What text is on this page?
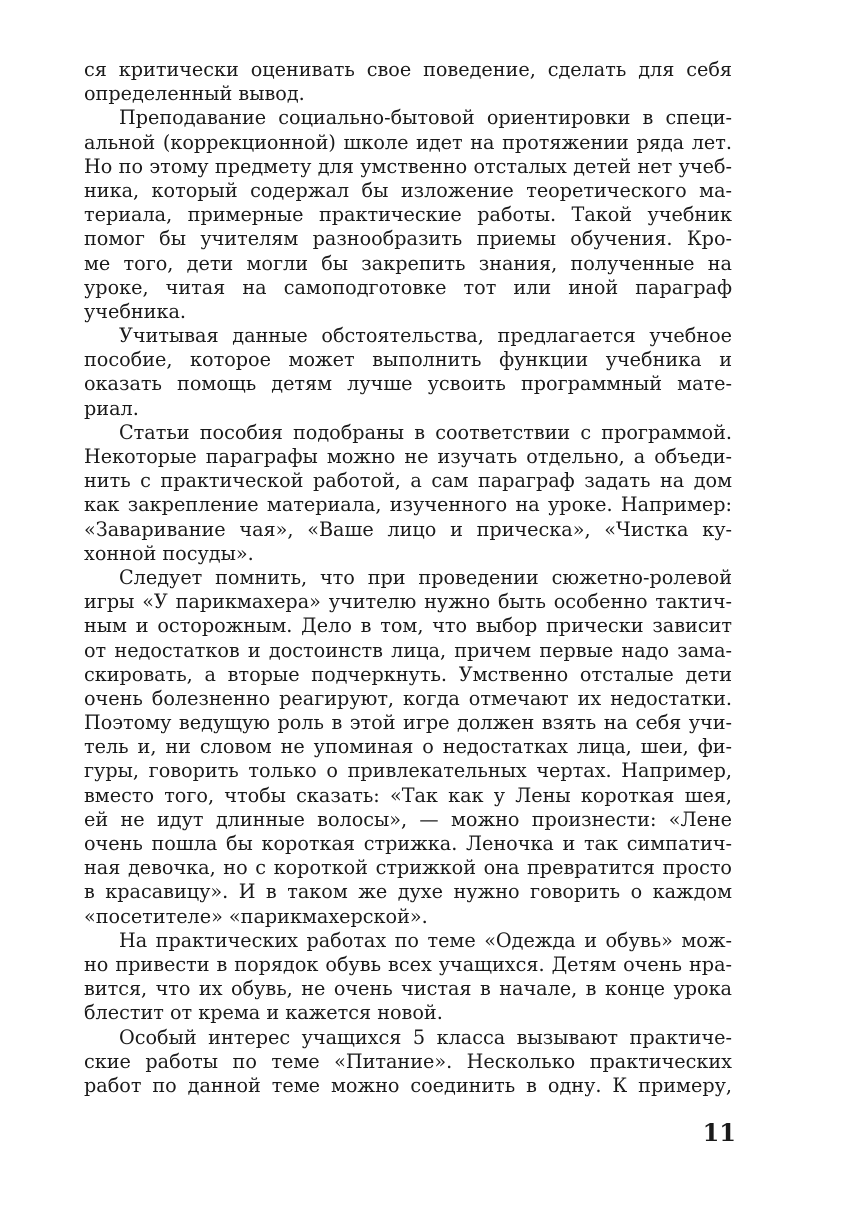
ся критически оценивать свое поведение, сделать для себя
определенный вывод.
Преподавание социально-бытовой ориентировки в специ-
альной (коррекционной) школе идет на протяжении ряда лет.
Но по этому предмету для умственно отсталых детей нет учеб-
ника, который содержал бы изложение теоретического ма-
териала, примерные практические работы. Такой учебник
помог бы учителям разнообразить приемы обучения. Кро-
ме того, дети могли бы закрепить знания, полученные на
уроке, читая на самоподготовке тот или иной параграф
учебника.
Учитывая данные обстоятельства, предлагается учебное
пособие, которое может выполнить функции учебника и
оказать помощь детям лучше усвоить программный мате-
риал.
Статьи пособия подобраны в соответствии с программой.
Некоторые параграфы можно не изучать отдельно, а объеди-
нить с практической работой, а сам параграф задать на дом
как закрепление материала, изученного на уроке. Например:
«Заваривание чая», «Ваше лицо и прическа», «Чистка ку-
хонной посуды».
Следует помнить, что при проведении сюжетно-ролевой
игры «У парикмахера» учителю нужно быть особенно тактич-
ным и осторожным. Дело в том, что выбор прически зависит
от недостатков и достоинств лица, причем первые надо зама-
скировать, а вторые подчеркнуть. Умственно отсталые дети
очень болезненно реагируют, когда отмечают их недостатки.
Поэтому ведущую роль в этой игре должен взять на себя учи-
тель и, ни словом не упоминая о недостатках лица, шеи, фи-
гуры, говорить только о привлекательных чертах. Например,
вместо того, чтобы сказать: «Так как у Лены короткая шея,
ей не идут длинные волосы», — можно произнести: «Лене
очень пошла бы короткая стрижка. Леночка и так симпатич-
ная девочка, но с короткой стрижкой она превратится просто
в красавицу». И в таком же духе нужно говорить о каждом
«посетителе» «парикмахерской».
На практических работах по теме «Одежда и обувь» мож-
но привести в порядок обувь всех учащихся. Детям очень нра-
вится, что их обувь, не очень чистая в начале, в конце урока
блестит от крема и кажется новой.
Особый интерес учащихся 5 класса вызывают практиче-
ские работы по теме «Питание». Несколько практических
работ по данной теме можно соединить в одну. К примеру,
11
